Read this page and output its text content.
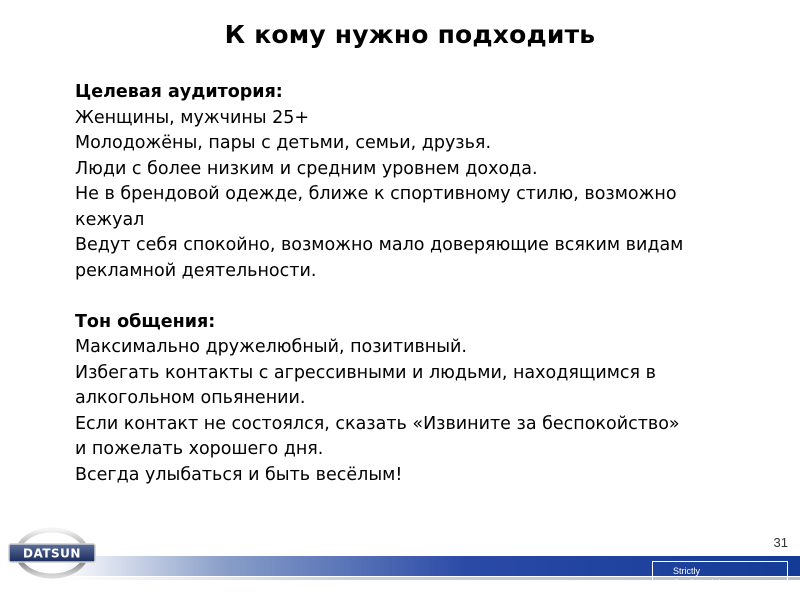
К кому нужно подходить
Целевая аудитория:
Женщины, мужчины 25+
Молодожёны, пары с детьми, семьи, друзья.
Люди с более низким и средним уровнем дохода.
Не в брендовой одежде, ближе к спортивному стилю, возможно
кежуал
Ведут себя спокойно, возможно мало доверяющие всяким видам
рекламной деятельности.
Тон общения:
Максимально дружелюбный, позитивный.
Избегать контакты с агрессивными и людьми, находящимся в
алкогольном опьянении.
Если контакт не состоялся, сказать «Извините за беспокойство»
и пожелать хорошего дня.
Всегда улыбаться и быть весёлым!
31
DATSUN
Strictly
Confidential
